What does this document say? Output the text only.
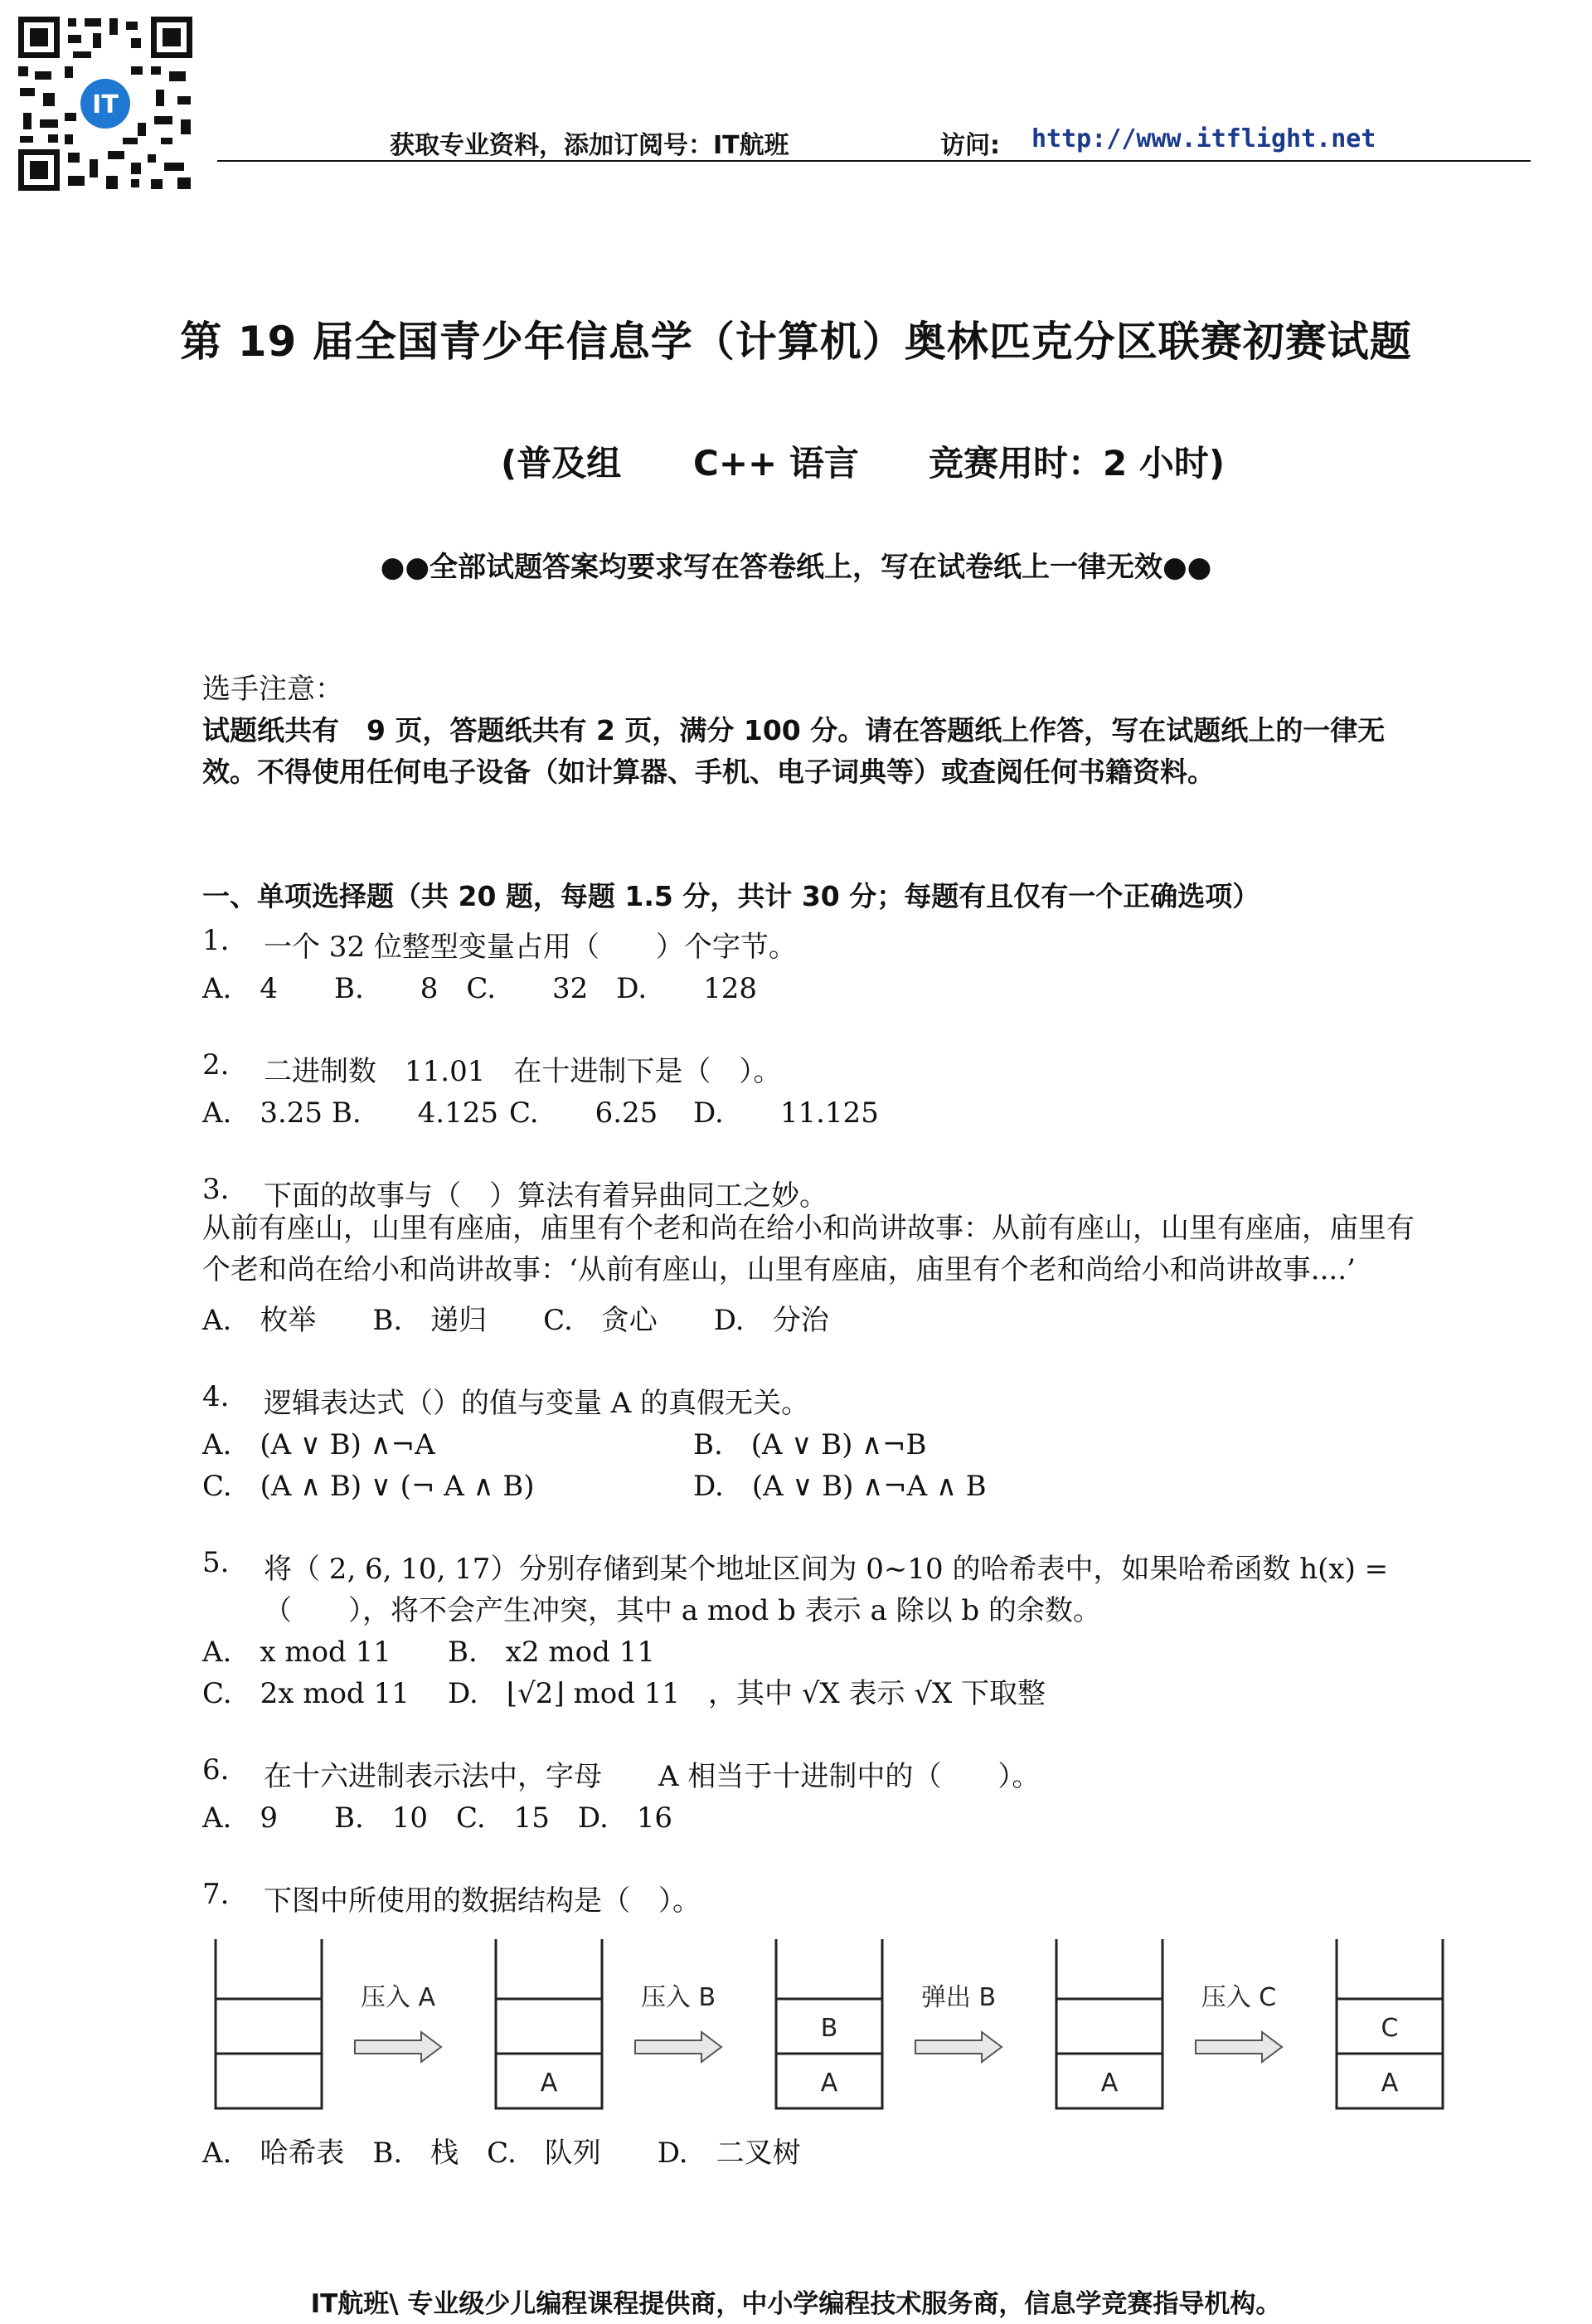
IT
获取专业资料，添加订阅号：IT航班	访问: http://www.itflight.net
第 19 届全国青少年信息学（计算机）奥林匹克分区联赛初赛试题
(普及组 C++ 语言 竞赛用时：2 小时)
●●全部试题答案均要求写在答卷纸上，写在试卷纸上一律无效●●
选手注意：
试题纸共有　9 页，答题纸共有 2 页，满分 100 分。请在答题纸上作答，写在试题纸上的一律无
效。不得使用任何电子设备（如计算器、手机、电子词典等）或查阅任何书籍资料。
一、单项选择题（共 20 题，每题 1.5 分，共计 30 分；每题有且仅有一个正确选项）
1. 一个 32 位整型变量占用（　　）个字节。
A.　4　　B.　　8　C.　　32　D.　　128
2. 二进制数　11.01　在十进制下是（　）。
A.　3.25 B.　　4.125 C.　　6.25 D.　　11.125
3. 下面的故事与（　）算法有着异曲同工之妙。
从前有座山，山里有座庙，庙里有个老和尚在给小和尚讲故事：从前有座山，山里有座庙，庙里有
个老和尚在给小和尚讲故事：‘从前有座山，山里有座庙，庙里有个老和尚给小和尚讲故事....’
A.　枚举　　B.　递归　　C.　贪心　　D.　分治
4. 逻辑表达式（）的值与变量 A 的真假无关。
A.　(A ∨ B) ∧¬A	B.　(A ∨ B) ∧¬B
C.　(A ∧ B) ∨ (¬ A ∧ B)	D.　(A ∨ B) ∧¬A ∧ B
5. 将（ 2, 6, 10, 17）分别存储到某个地址区间为 0~10 的哈希表中，如果哈希函数 h(x) =
（　　），将不会产生冲突，其中 a mod b 表示 a 除以 b 的余数。
A.　x mod 11 B.　x2 mod 11
C.　2x mod 11 D.　⌊√2⌋ mod 11　，其中 √X 表示 √X 下取整
6. 在十六进制表示法中，字母　　A 相当于十进制中的（　　）。
A.　9　　B.　10　C.　15　D.　16
7. 下图中所使用的数据结构是（　）。
压入 A
A
压入 B
A
B
弹出 B
A
压入 C
A
C
A.　哈希表　B.　栈　C.　队列　　D.　二叉树
IT航班\ 专业级少儿编程课程提供商，中小学编程技术服务商，信息学竞赛指导机构。
